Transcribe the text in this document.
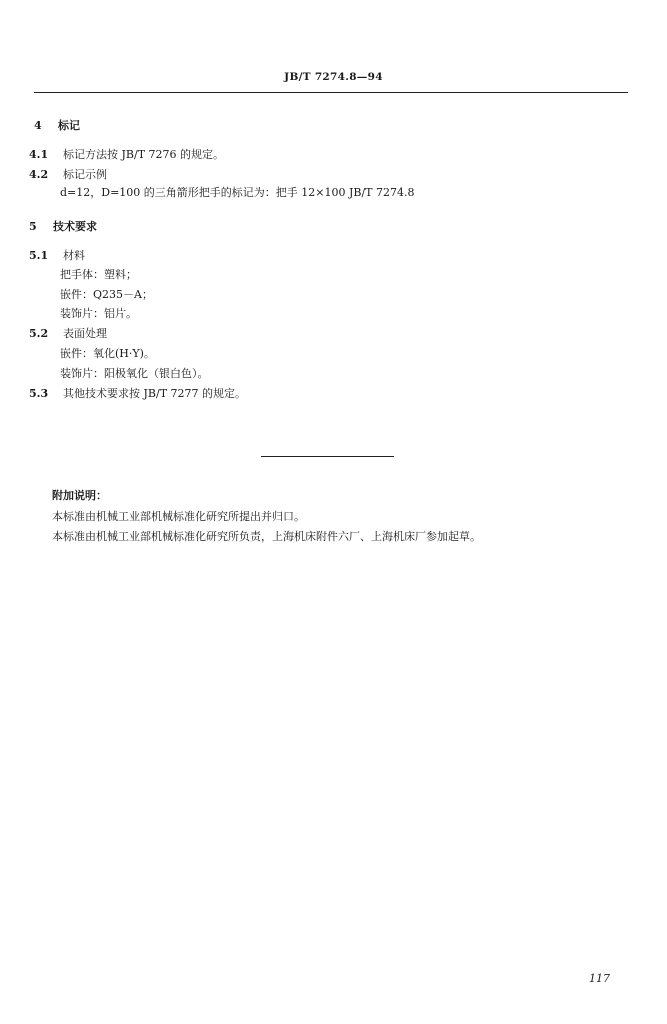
JB/T 7274.8—94
4 标记
4.1 标记方法按 JB/T 7276 的规定。
4.2 标记示例
d=12，D=100 的三角箭形把手的标记为：把手 12×100 JB/T 7274.8
5 技术要求
5.1 材料
把手体：塑料；
嵌件：Q235－A；
装饰片：铝片。
5.2 表面处理
嵌件：氧化(H·Y)。
装饰片：阳极氧化（银白色）。
5.3 其他技术要求按 JB/T 7277 的规定。
附加说明：
本标准由机械工业部机械标准化研究所提出并归口。
本标准由机械工业部机械标准化研究所负责，上海机床附件六厂、上海机床厂参加起草。
117
